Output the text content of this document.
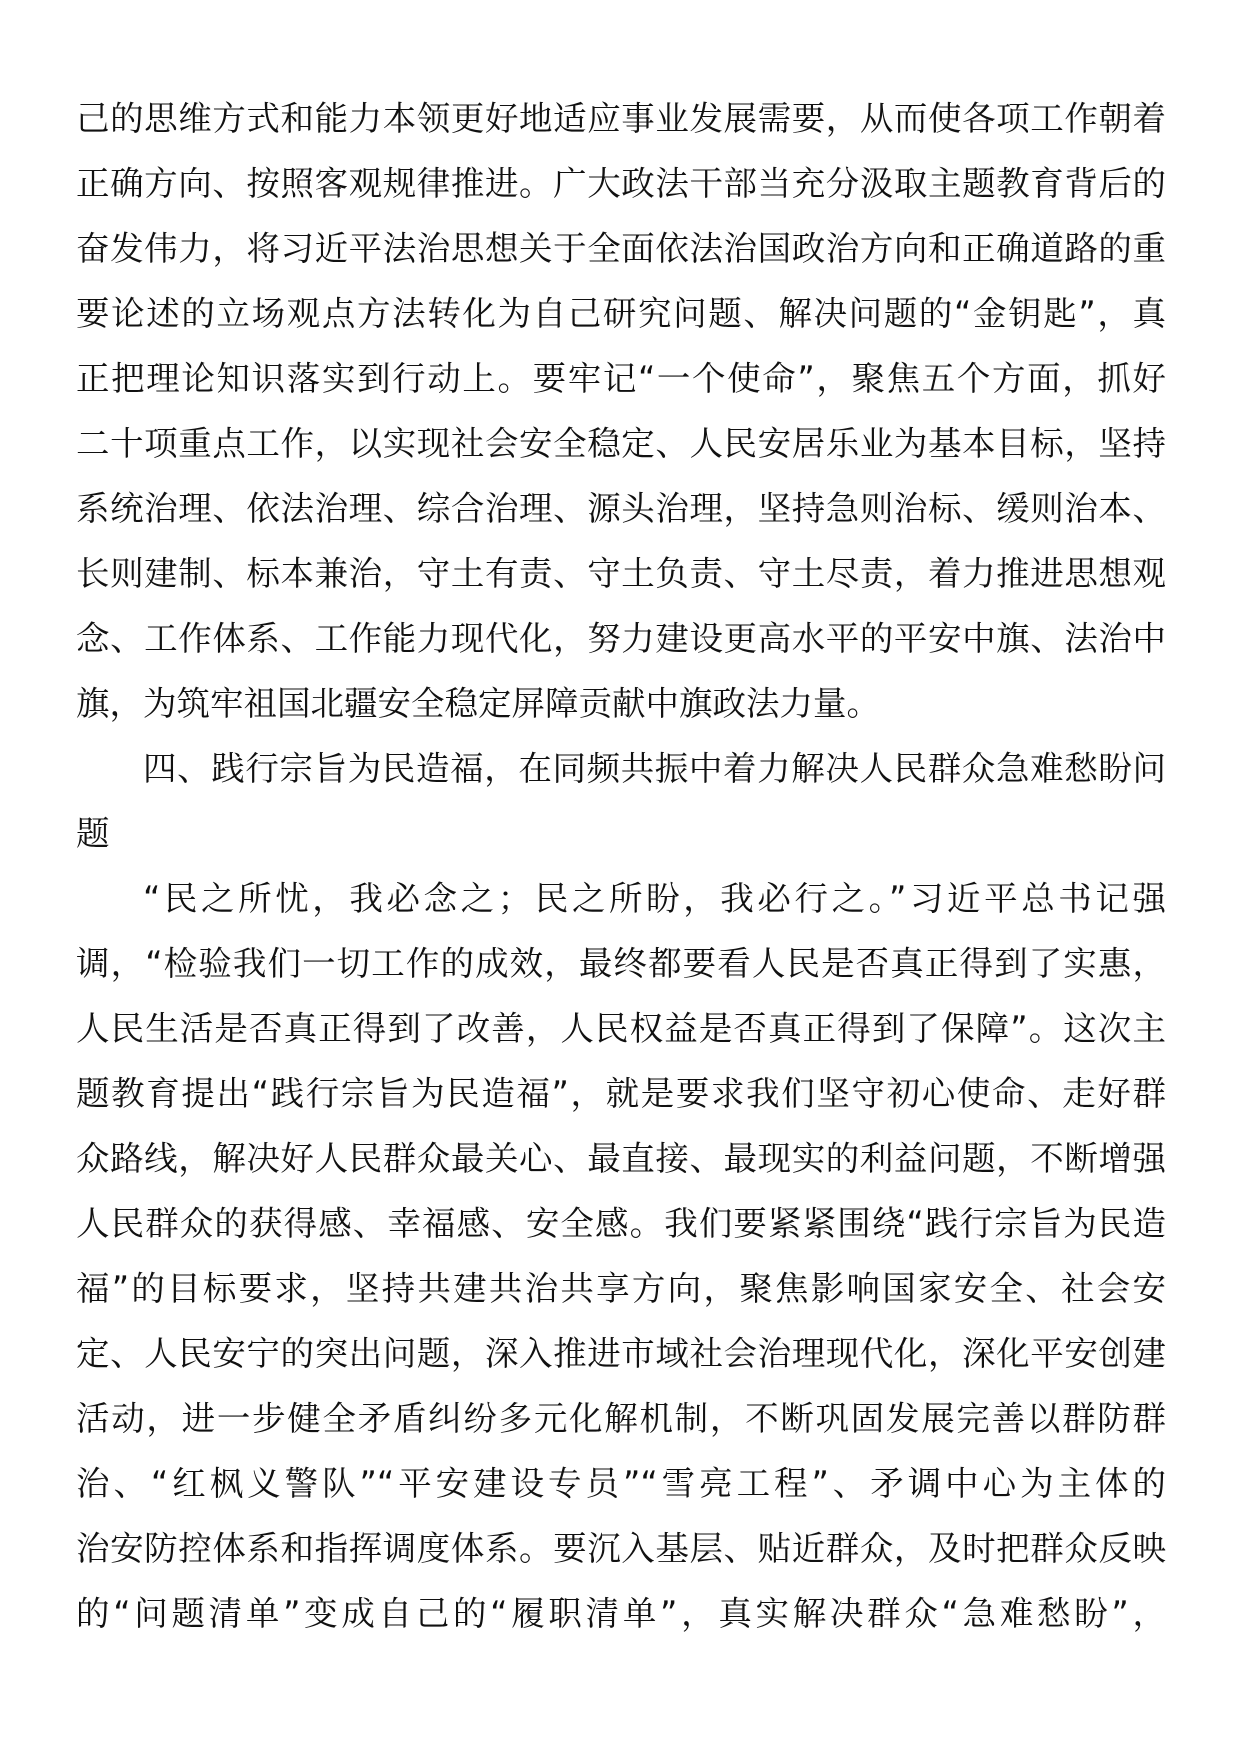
己的思维方式和能力本领更好地适应事业发展需要，从而使各项工作朝着
正确方向、按照客观规律推进。广大政法干部当充分汲取主题教育背后的
奋发伟力，将习近平法治思想关于全面依法治国政治方向和正确道路的重
要论述的立场观点方法转化为自己研究问题、解决问题的“金钥匙”，真
正把理论知识落实到行动上。要牢记“一个使命”，聚焦五个方面，抓好
二十项重点工作，以实现社会安全稳定、人民安居乐业为基本目标，坚持
系统治理、依法治理、综合治理、源头治理，坚持急则治标、缓则治本、
长则建制、标本兼治，守土有责、守土负责、守土尽责，着力推进思想观
念、工作体系、工作能力现代化，努力建设更高水平的平安中旗、法治中
旗，为筑牢祖国北疆安全稳定屏障贡献中旗政法力量。
四、践行宗旨为民造福，在同频共振中着力解决人民群众急难愁盼问
题
“民之所忧，我必念之；民之所盼，我必行之。”习近平总书记强
调，“检验我们一切工作的成效，最终都要看人民是否真正得到了实惠，
人民生活是否真正得到了改善，人民权益是否真正得到了保障”。这次主
题教育提出“践行宗旨为民造福”，就是要求我们坚守初心使命、走好群
众路线，解决好人民群众最关心、最直接、最现实的利益问题，不断增强
人民群众的获得感、幸福感、安全感。我们要紧紧围绕“践行宗旨为民造
福”的目标要求，坚持共建共治共享方向，聚焦影响国家安全、社会安
定、人民安宁的突出问题，深入推进市域社会治理现代化，深化平安创建
活动，进一步健全矛盾纠纷多元化解机制，不断巩固发展完善以群防群
治、“红枫义警队”“平安建设专员”“雪亮工程”、矛调中心为主体的
治安防控体系和指挥调度体系。要沉入基层、贴近群众，及时把群众反映
的“问题清单”变成自己的“履职清单”，真实解决群众“急难愁盼”，
